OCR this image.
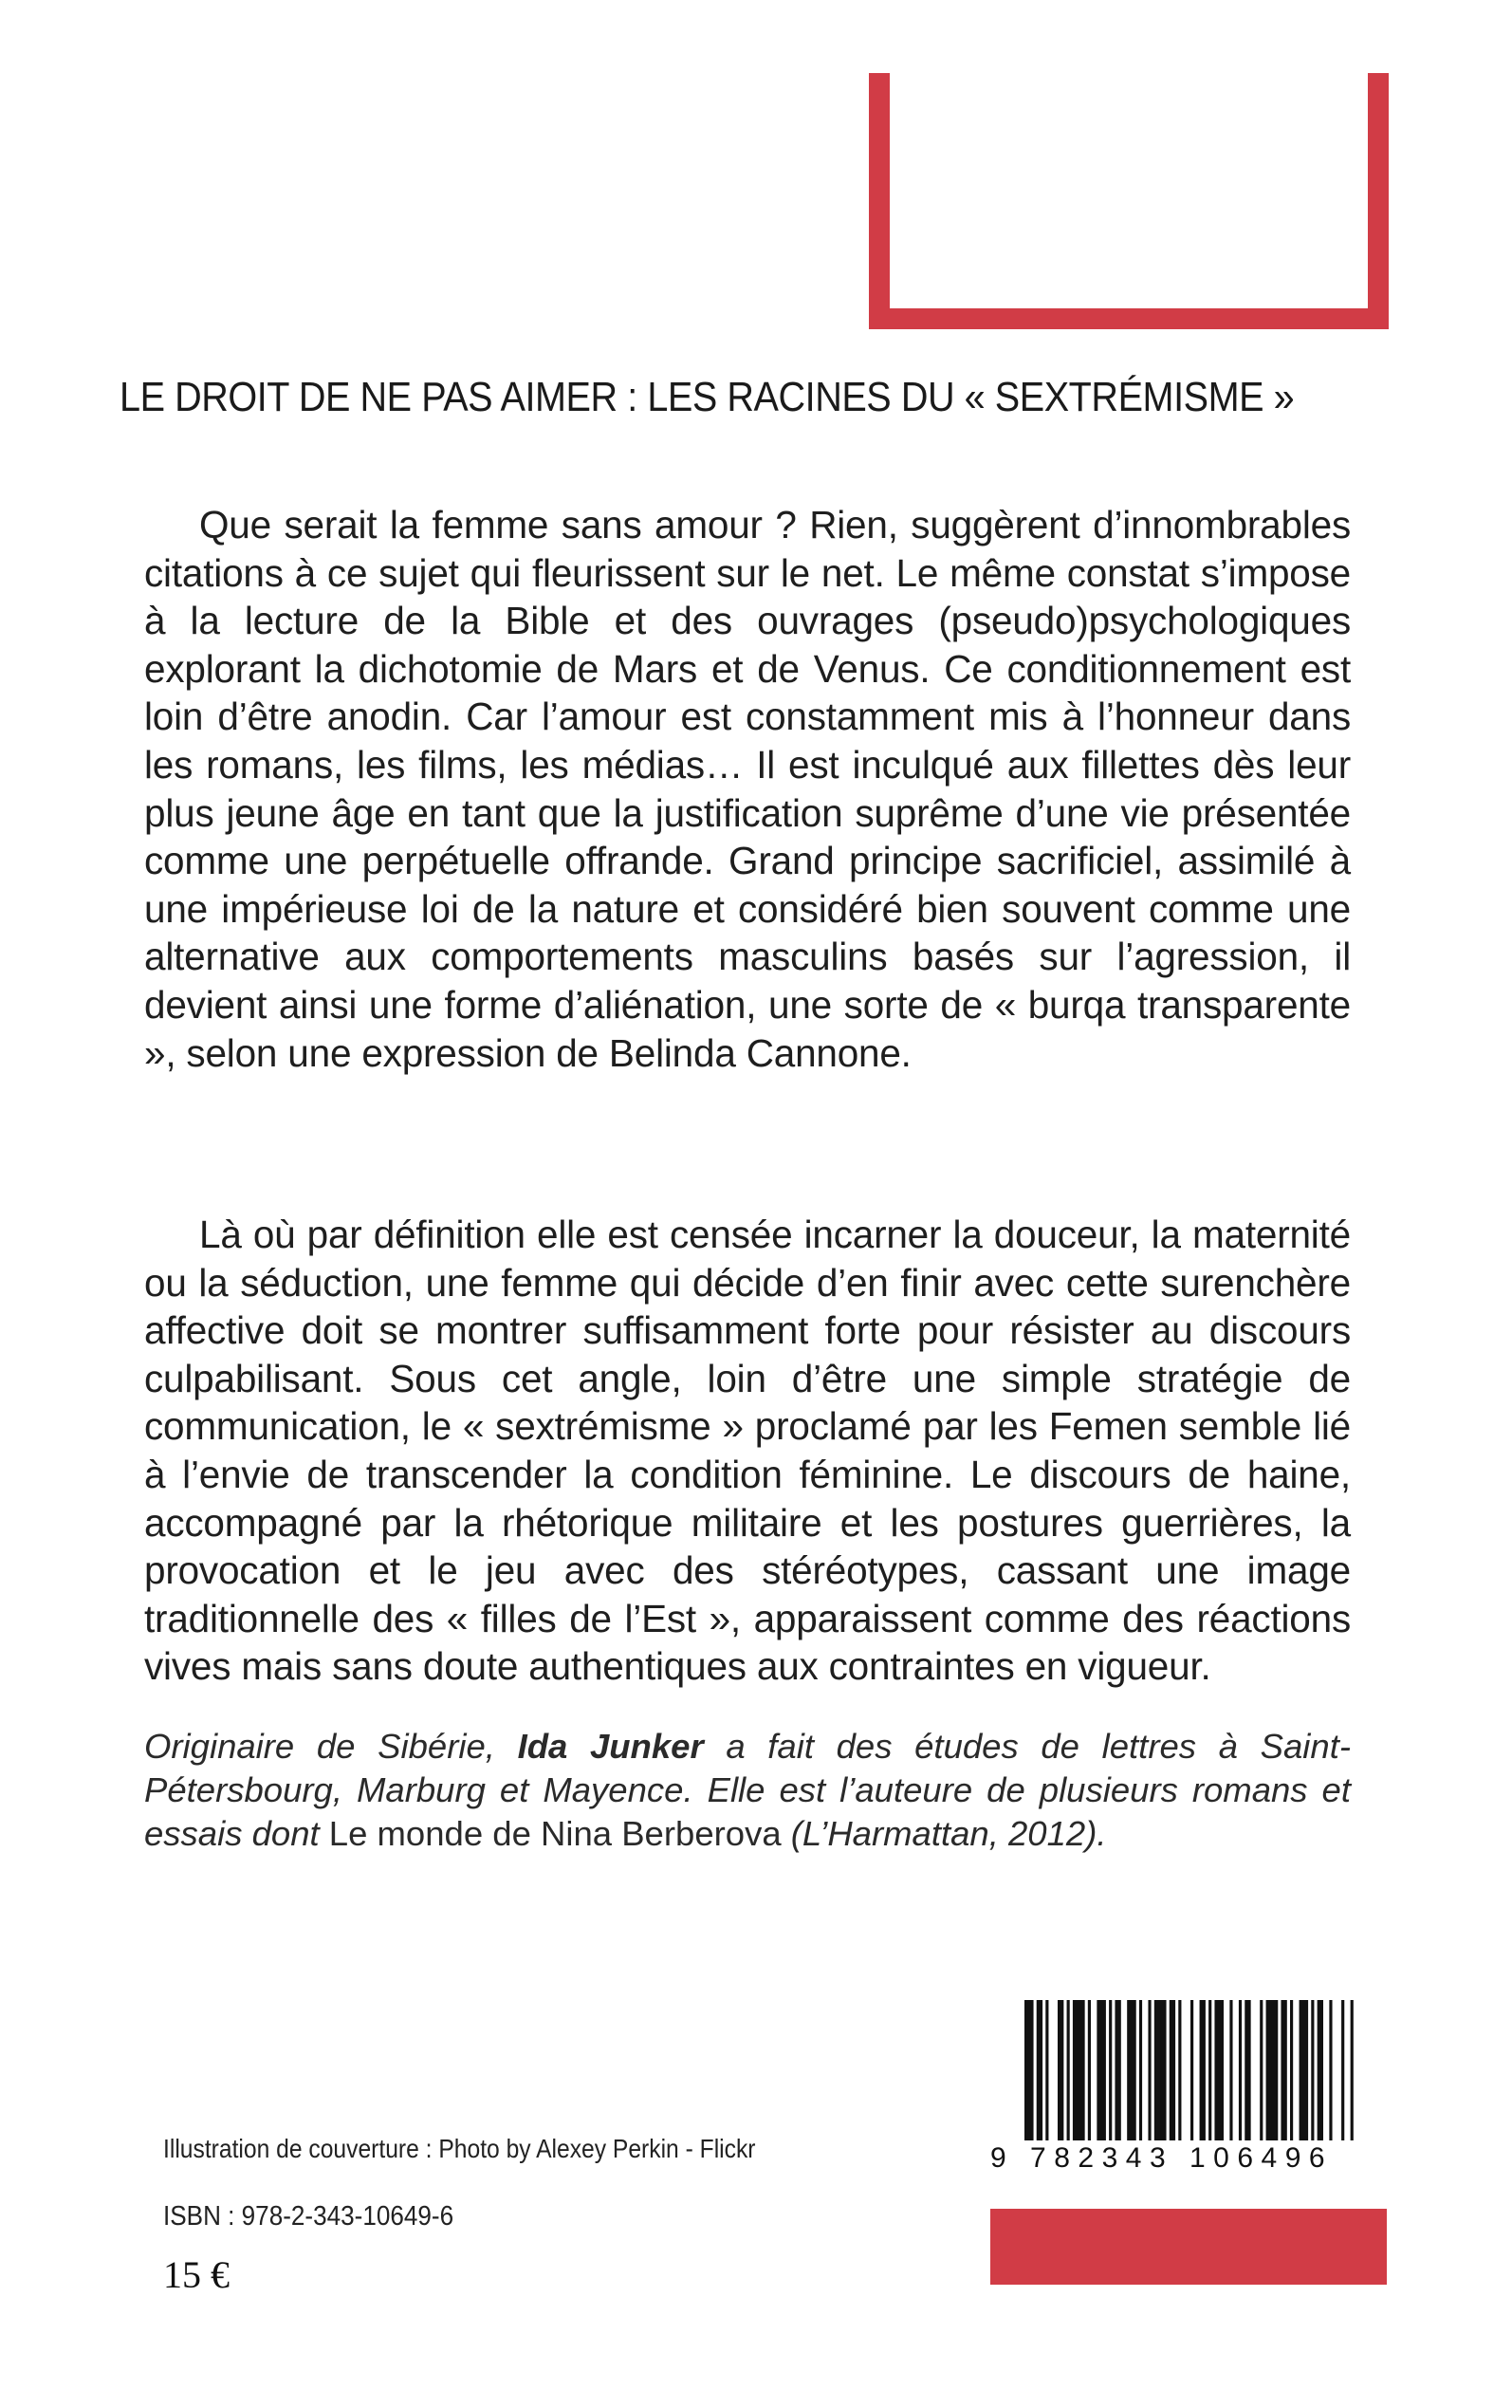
LE DROIT DE NE PAS AIMER : LES RACINES DU « SEXTRÉMISME »

Que serait la femme sans amour ? Rien, suggèrent d’innombrables citations à ce sujet qui fleurissent sur le net. Le même constat s’impose à la lecture de la Bible et des ouvrages (pseudo)psychologiques explorant la dichotomie de Mars et de Venus. Ce conditionnement est loin d’être anodin. Car l’amour est constamment mis à l’honneur dans les romans, les films, les médias… Il est inculqué aux fillettes dès leur plus jeune âge en tant que la justification suprême d’une vie présentée comme une perpétuelle offrande. Grand principe sacrificiel, assimilé à une impérieuse loi de la nature et considéré bien souvent comme une alternative aux comportements masculins basés sur l’agression, il devient ainsi une forme d’aliénation, une sorte de « burqa transparente », selon une expression de Belinda Cannone.

Là où par définition elle est censée incarner la douceur, la maternité ou la séduction, une femme qui décide d’en finir avec cette surenchère affective doit se montrer suffisamment forte pour résister au discours culpabilisant. Sous cet angle, loin d’être une simple stratégie de communication, le « sextrémisme » proclamé par les Femen semble lié à l’envie de transcender la condition féminine. Le discours de haine, accompagné par la rhétorique militaire et les postures guerrières, la provocation et le jeu avec des stéréotypes, cassant une image traditionnelle des « filles de l’Est », apparaissent comme des réactions vives mais sans doute authentiques aux contraintes en vigueur.

Originaire de Sibérie, Ida Junker a fait des études de lettres à Saint-Pétersbourg, Marburg et Mayence. Elle est l’auteure de plusieurs romans et essais dont Le monde de Nina Berberova (L’Harmattan, 2012).

9 782343 106496
Illustration de couverture : Photo by Alexey Perkin - Flickr
ISBN : 978-2-343-10649-6
15 €
